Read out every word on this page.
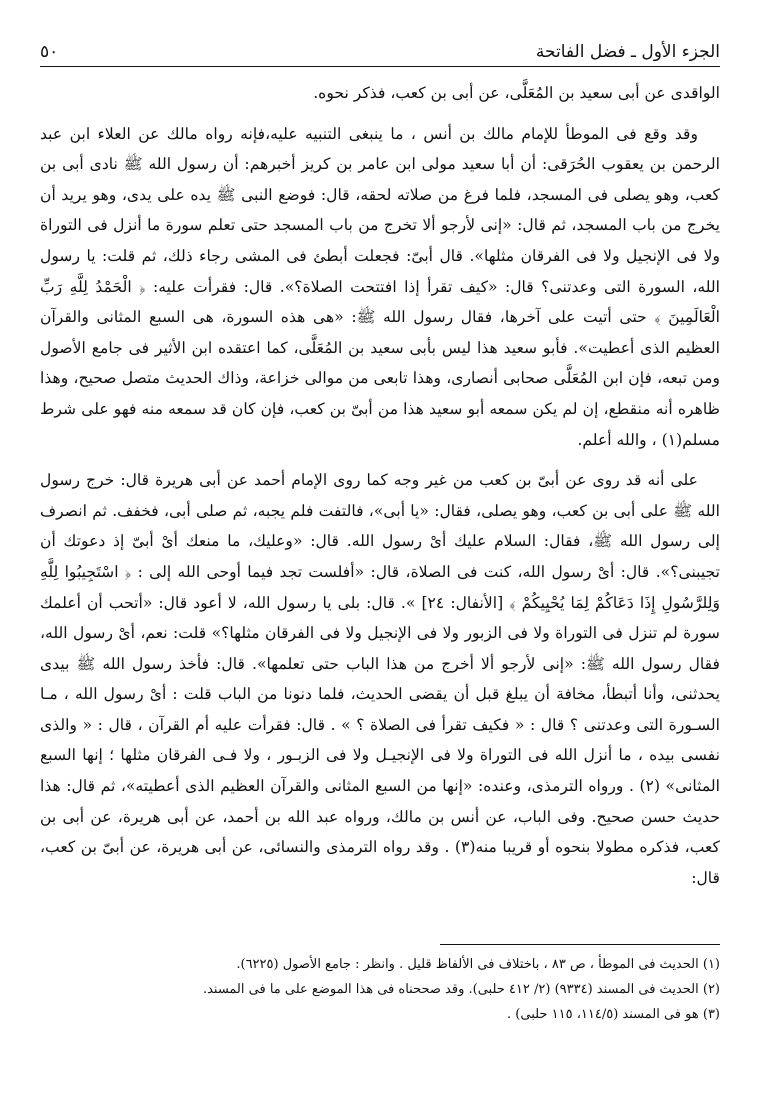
الجزء الأول ـ فضل الفاتحة
٥٠

الواقدى عن أبى سعيد بن المُعَلَّى، عن أبى بن كعب، فذكر نحوه.

وقد وقع فى الموطأ للإمام مالك بن أنس ، ما ينبغى التنبيه عليه،فإنه رواه مالك عن العلاء ابن عبد الرحمن بن يعقوب الحُرَقى: أن أبا سعيد مولى ابن عامر بن كريز أخبرهم: أن رسول الله ﷺ نادى أبى بن كعب، وهو يصلى فى المسجد، فلما فرغ من صلاته لحقه، قال: فوضع النبى ﷺ يده على يدى، وهو يريد أن يخرج من باب المسجد، ثم قال: «إنى لأرجو ألا تخرج من باب المسجد حتى تعلم سورة ما أنزل فى التوراة ولا فى الإنجيل ولا فى الفرقان مثلها». قال أبىّ: فجعلت أبطئ فى المشى رجاء ذلك، ثم قلت: يا رسول الله، السورة التى وعدتنى؟ قال: «كيف تقرأ إذا افتتحت الصلاة؟». قال: فقرأت عليه: ﴿ الْحَمْدُ لِلَّهِ رَبِّ الْعَالَمِينَ ﴾ حتى أتيت على آخرها، فقال رسول الله ﷺ: «هى هذه السورة، هى السبع المثانى والقرآن العظيم الذى أعطيت». فأبو سعيد هذا ليس بأبى سعيد بن المُعَلَّى، كما اعتقده ابن الأثير فى جامع الأصول ومن تبعه، فإن ابن المُعَلَّى صحابى أنصارى، وهذا تابعى من موالى خزاعة، وذاك الحديث متصل صحيح، وهذا ظاهره أنه منقطع، إن لم يكن سمعه أبو سعيد هذا من أبىّ بن كعب، فإن كان قد سمعه منه فهو على شرط مسلم(١) ، والله أعلم.

على أنه قد روى عن أبىّ بن كعب من غير وجه كما روى الإمام أحمد عن أبى هريرة قال: خرج رسول الله ﷺ على أبى بن كعب، وهو يصلى، فقال: «يا أبى»، فالتفت فلم يجبه، ثم صلى أبى، فخفف. ثم انصرف إلى رسول الله ﷺ، فقال: السلام عليك أىْ رسول الله. قال: «وعليك، ما منعك أىْ أبىّ إذ دعوتك أن تجيبنى؟». قال: أىْ رسول الله، كنت فى الصلاة، قال: «أفلست تجد فيما أوحى الله إلى : ﴿ اسْتَجِيبُوا لِلَّهِ وَلِلرَّسُولِ إِذَا دَعَاكُمْ لِمَا يُحْيِيكُمْ ﴾ [الأنفال: ٢٤] ». قال: بلى يا رسول الله، لا أعود قال: «أتحب أن أعلمك سورة لم تنزل فى التوراة ولا فى الزبور ولا فى الإنجيل ولا فى الفرقان مثلها؟» قلت: نعم، أىْ رسول الله، فقال رسول الله ﷺ: «إنى لأرجو ألا أخرج من هذا الباب حتى تعلمها». قال: فأخذ رسول الله ﷺ بيدى يحدثنى، وأنا أتبطأ، مخافة أن يبلغ قبل أن يقضى الحديث، فلما دنونا من الباب قلت : أىْ رسول الله ، مـا السـورة التى وعدتنى ؟ قال : « فكيف تقرأ فى الصلاة ؟ » . قال: فقرأت عليه أم القرآن ، قال : « والذى نفسى بيده ، ما أنزل الله فى التوراة ولا فى الإنجيـل ولا فى الزبـور ، ولا فـى الفرقان مثلها ؛ إنها السبع المثانى» (٢) . ورواه الترمذى، وعنده: «إنها من السبع المثانى والقرآن العظيم الذى أعطيته»، ثم قال: هذا حديث حسن صحيح. وفى الباب، عن أنس بن مالك، ورواه عبد الله بن أحمد، عن أبى هريرة، عن أبى بن كعب، فذكره مطولا بنحوه أو قريبا منه(٣) . وقد رواه الترمذى والنسائى، عن أبى هريرة، عن أبىّ بن كعب، قال:

(١) الحديث فى الموطأ ، ص ٨٣ ، باختلاف فى الألفاظ قليل . وانظر : جامع الأصول (٦٢٢٥).
(٢) الحديث فى المسند (٩٣٣٤) (٢/ ٤١٢ حلبى). وقد صححناه فى هذا الموضع على ما فى المسند.
(٣) هو فى المسند (١١٤/٥، ١١٥ حلبى) .
